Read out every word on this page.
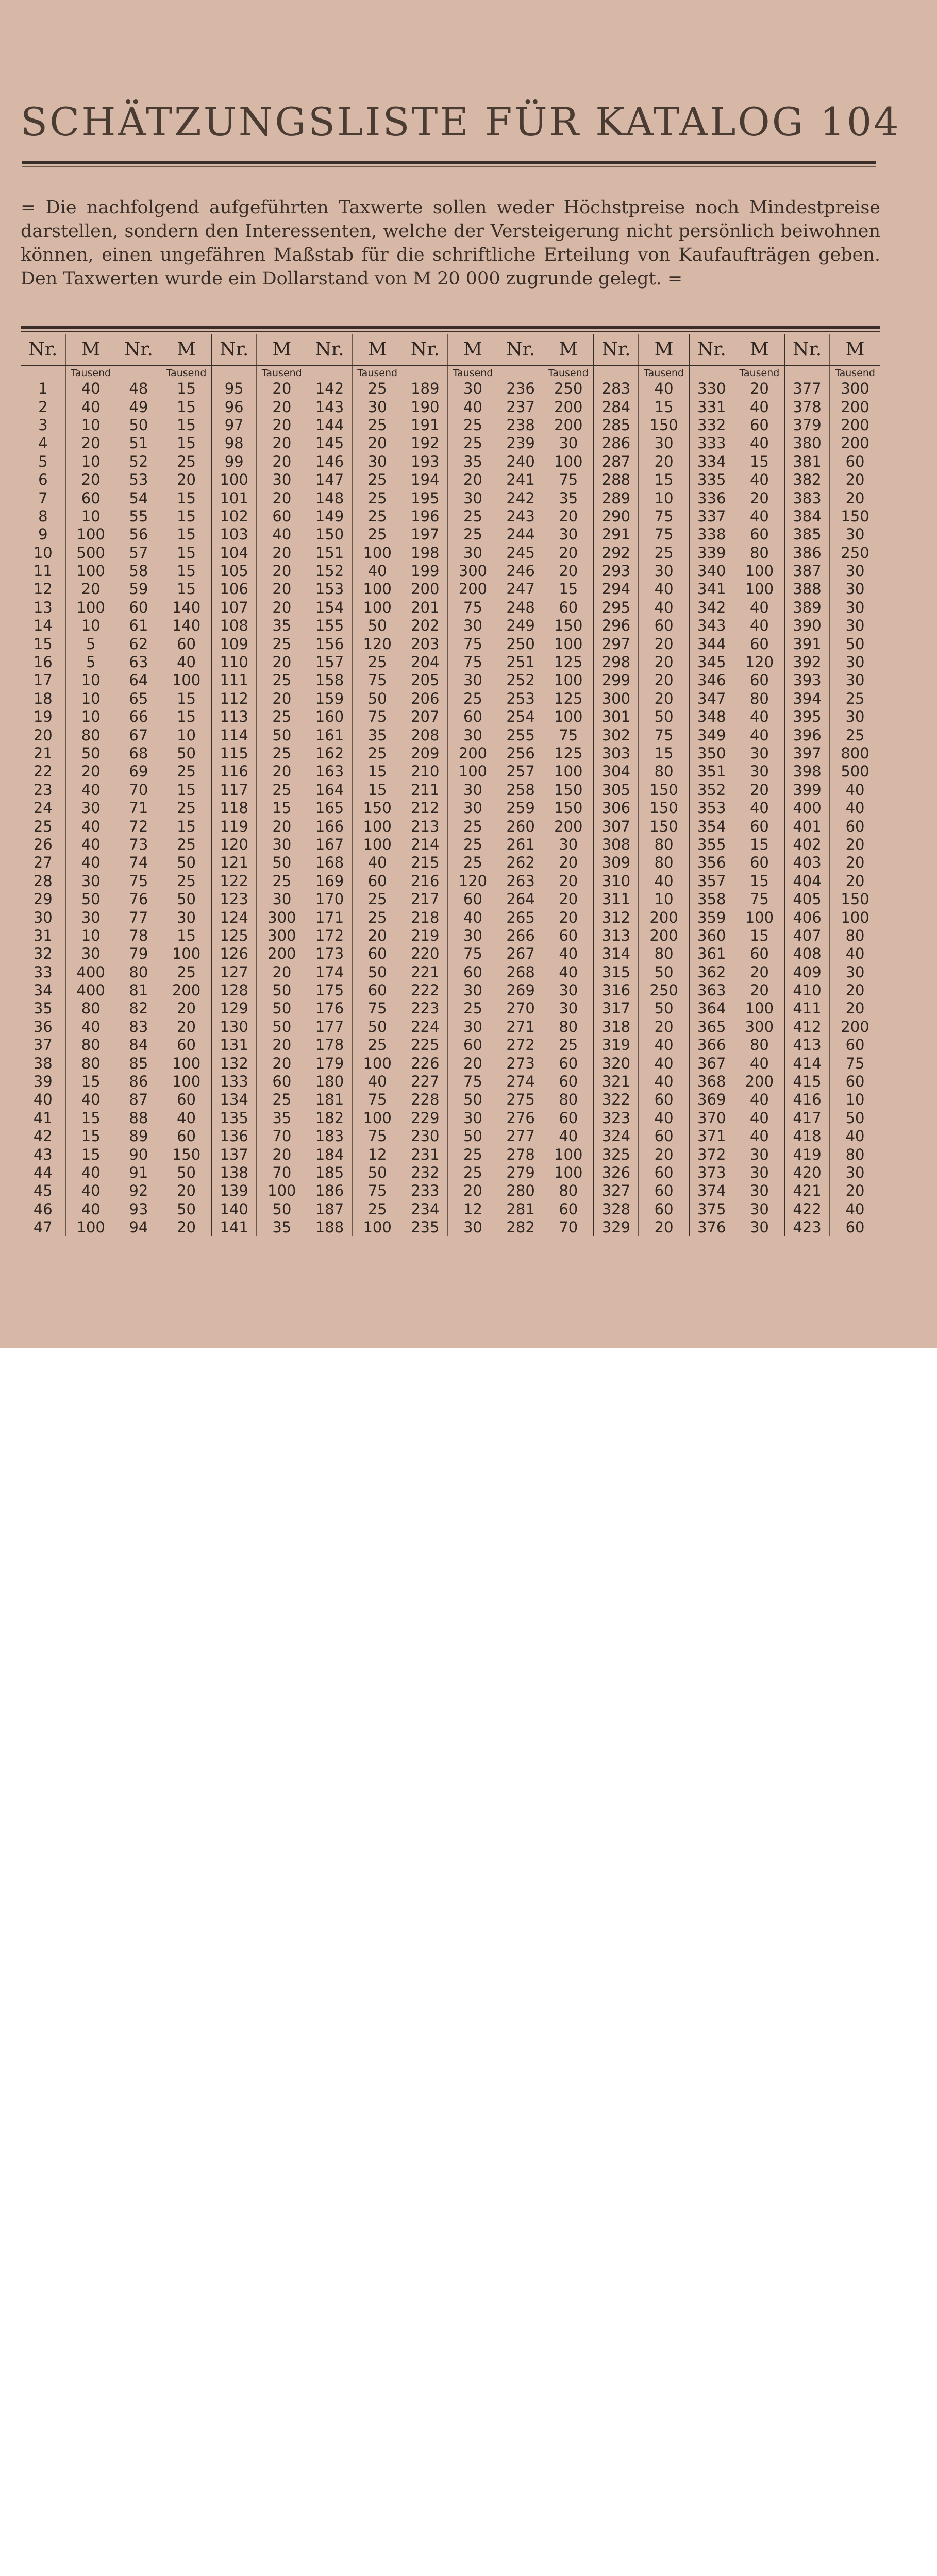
SCHÄTZUNGSLISTE FÜR KATALOG 104
= Die nachfolgend aufgeführten Taxwerte sollen weder Höchstpreise noch Mindestpreise darstellen, sondern den Interessenten, welche der Versteigerung nicht persönlich beiwohnen können, einen ungefähren Maßstab für die schriftliche Erteilung von Kaufaufträgen geben. Den Taxwerten wurde ein Dollarstand von M 20 000 zugrunde gelegt. =
Nr.	M	Nr.	M	Nr.	M	Nr.	M	Nr.	M	Nr.	M	Nr.	M	Nr.	M	Nr.	M
	Tausend		Tausend		Tausend		Tausend		Tausend		Tausend		Tausend		Tausend		Tausend
1	40	48	15	95	20	142	25	189	30	236	250	283	40	330	20	377	300
2	40	49	15	96	20	143	30	190	40	237	200	284	15	331	40	378	200
3	10	50	15	97	20	144	25	191	25	238	200	285	150	332	60	379	200
4	20	51	15	98	20	145	20	192	25	239	30	286	30	333	40	380	200
5	10	52	25	99	20	146	30	193	35	240	100	287	20	334	15	381	60
6	20	53	20	100	30	147	25	194	20	241	75	288	15	335	40	382	20
7	60	54	15	101	20	148	25	195	30	242	35	289	10	336	20	383	20
8	10	55	15	102	60	149	25	196	25	243	20	290	75	337	40	384	150
9	100	56	15	103	40	150	25	197	25	244	30	291	75	338	60	385	30
10	500	57	15	104	20	151	100	198	30	245	20	292	25	339	80	386	250
11	100	58	15	105	20	152	40	199	300	246	20	293	30	340	100	387	30
12	20	59	15	106	20	153	100	200	200	247	15	294	40	341	100	388	30
13	100	60	140	107	20	154	100	201	75	248	60	295	40	342	40	389	30
14	10	61	140	108	35	155	50	202	30	249	150	296	60	343	40	390	30
15	5	62	60	109	25	156	120	203	75	250	100	297	20	344	60	391	50
16	5	63	40	110	20	157	25	204	75	251	125	298	20	345	120	392	30
17	10	64	100	111	25	158	75	205	30	252	100	299	20	346	60	393	30
18	10	65	15	112	20	159	50	206	25	253	125	300	20	347	80	394	25
19	10	66	15	113	25	160	75	207	60	254	100	301	50	348	40	395	30
20	80	67	10	114	50	161	35	208	30	255	75	302	75	349	40	396	25
21	50	68	50	115	25	162	25	209	200	256	125	303	15	350	30	397	800
22	20	69	25	116	20	163	15	210	100	257	100	304	80	351	30	398	500
23	40	70	15	117	25	164	15	211	30	258	150	305	150	352	20	399	40
24	30	71	25	118	15	165	150	212	30	259	150	306	150	353	40	400	40
25	40	72	15	119	20	166	100	213	25	260	200	307	150	354	60	401	60
26	40	73	25	120	30	167	100	214	25	261	30	308	80	355	15	402	20
27	40	74	50	121	50	168	40	215	25	262	20	309	80	356	60	403	20
28	30	75	25	122	25	169	60	216	120	263	20	310	40	357	15	404	20
29	50	76	50	123	30	170	25	217	60	264	20	311	10	358	75	405	150
30	30	77	30	124	300	171	25	218	40	265	20	312	200	359	100	406	100
31	10	78	15	125	300	172	20	219	30	266	60	313	200	360	15	407	80
32	30	79	100	126	200	173	60	220	75	267	40	314	80	361	60	408	40
33	400	80	25	127	20	174	50	221	60	268	40	315	50	362	20	409	30
34	400	81	200	128	50	175	60	222	30	269	30	316	250	363	20	410	20
35	80	82	20	129	50	176	75	223	25	270	30	317	50	364	100	411	20
36	40	83	20	130	50	177	50	224	30	271	80	318	20	365	300	412	200
37	80	84	60	131	20	178	25	225	60	272	25	319	40	366	80	413	60
38	80	85	100	132	20	179	100	226	20	273	60	320	40	367	40	414	75
39	15	86	100	133	60	180	40	227	75	274	60	321	40	368	200	415	60
40	40	87	60	134	25	181	75	228	50	275	80	322	60	369	40	416	10
41	15	88	40	135	35	182	100	229	30	276	60	323	40	370	40	417	50
42	15	89	60	136	70	183	75	230	50	277	40	324	60	371	40	418	40
43	15	90	150	137	20	184	12	231	25	278	100	325	20	372	30	419	80
44	40	91	50	138	70	185	50	232	25	279	100	326	60	373	30	420	30
45	40	92	20	139	100	186	75	233	20	280	80	327	60	374	30	421	20
46	40	93	50	140	50	187	25	234	12	281	60	328	60	375	30	422	40
47	100	94	20	141	35	188	100	235	30	282	70	329	20	376	30	423	60
